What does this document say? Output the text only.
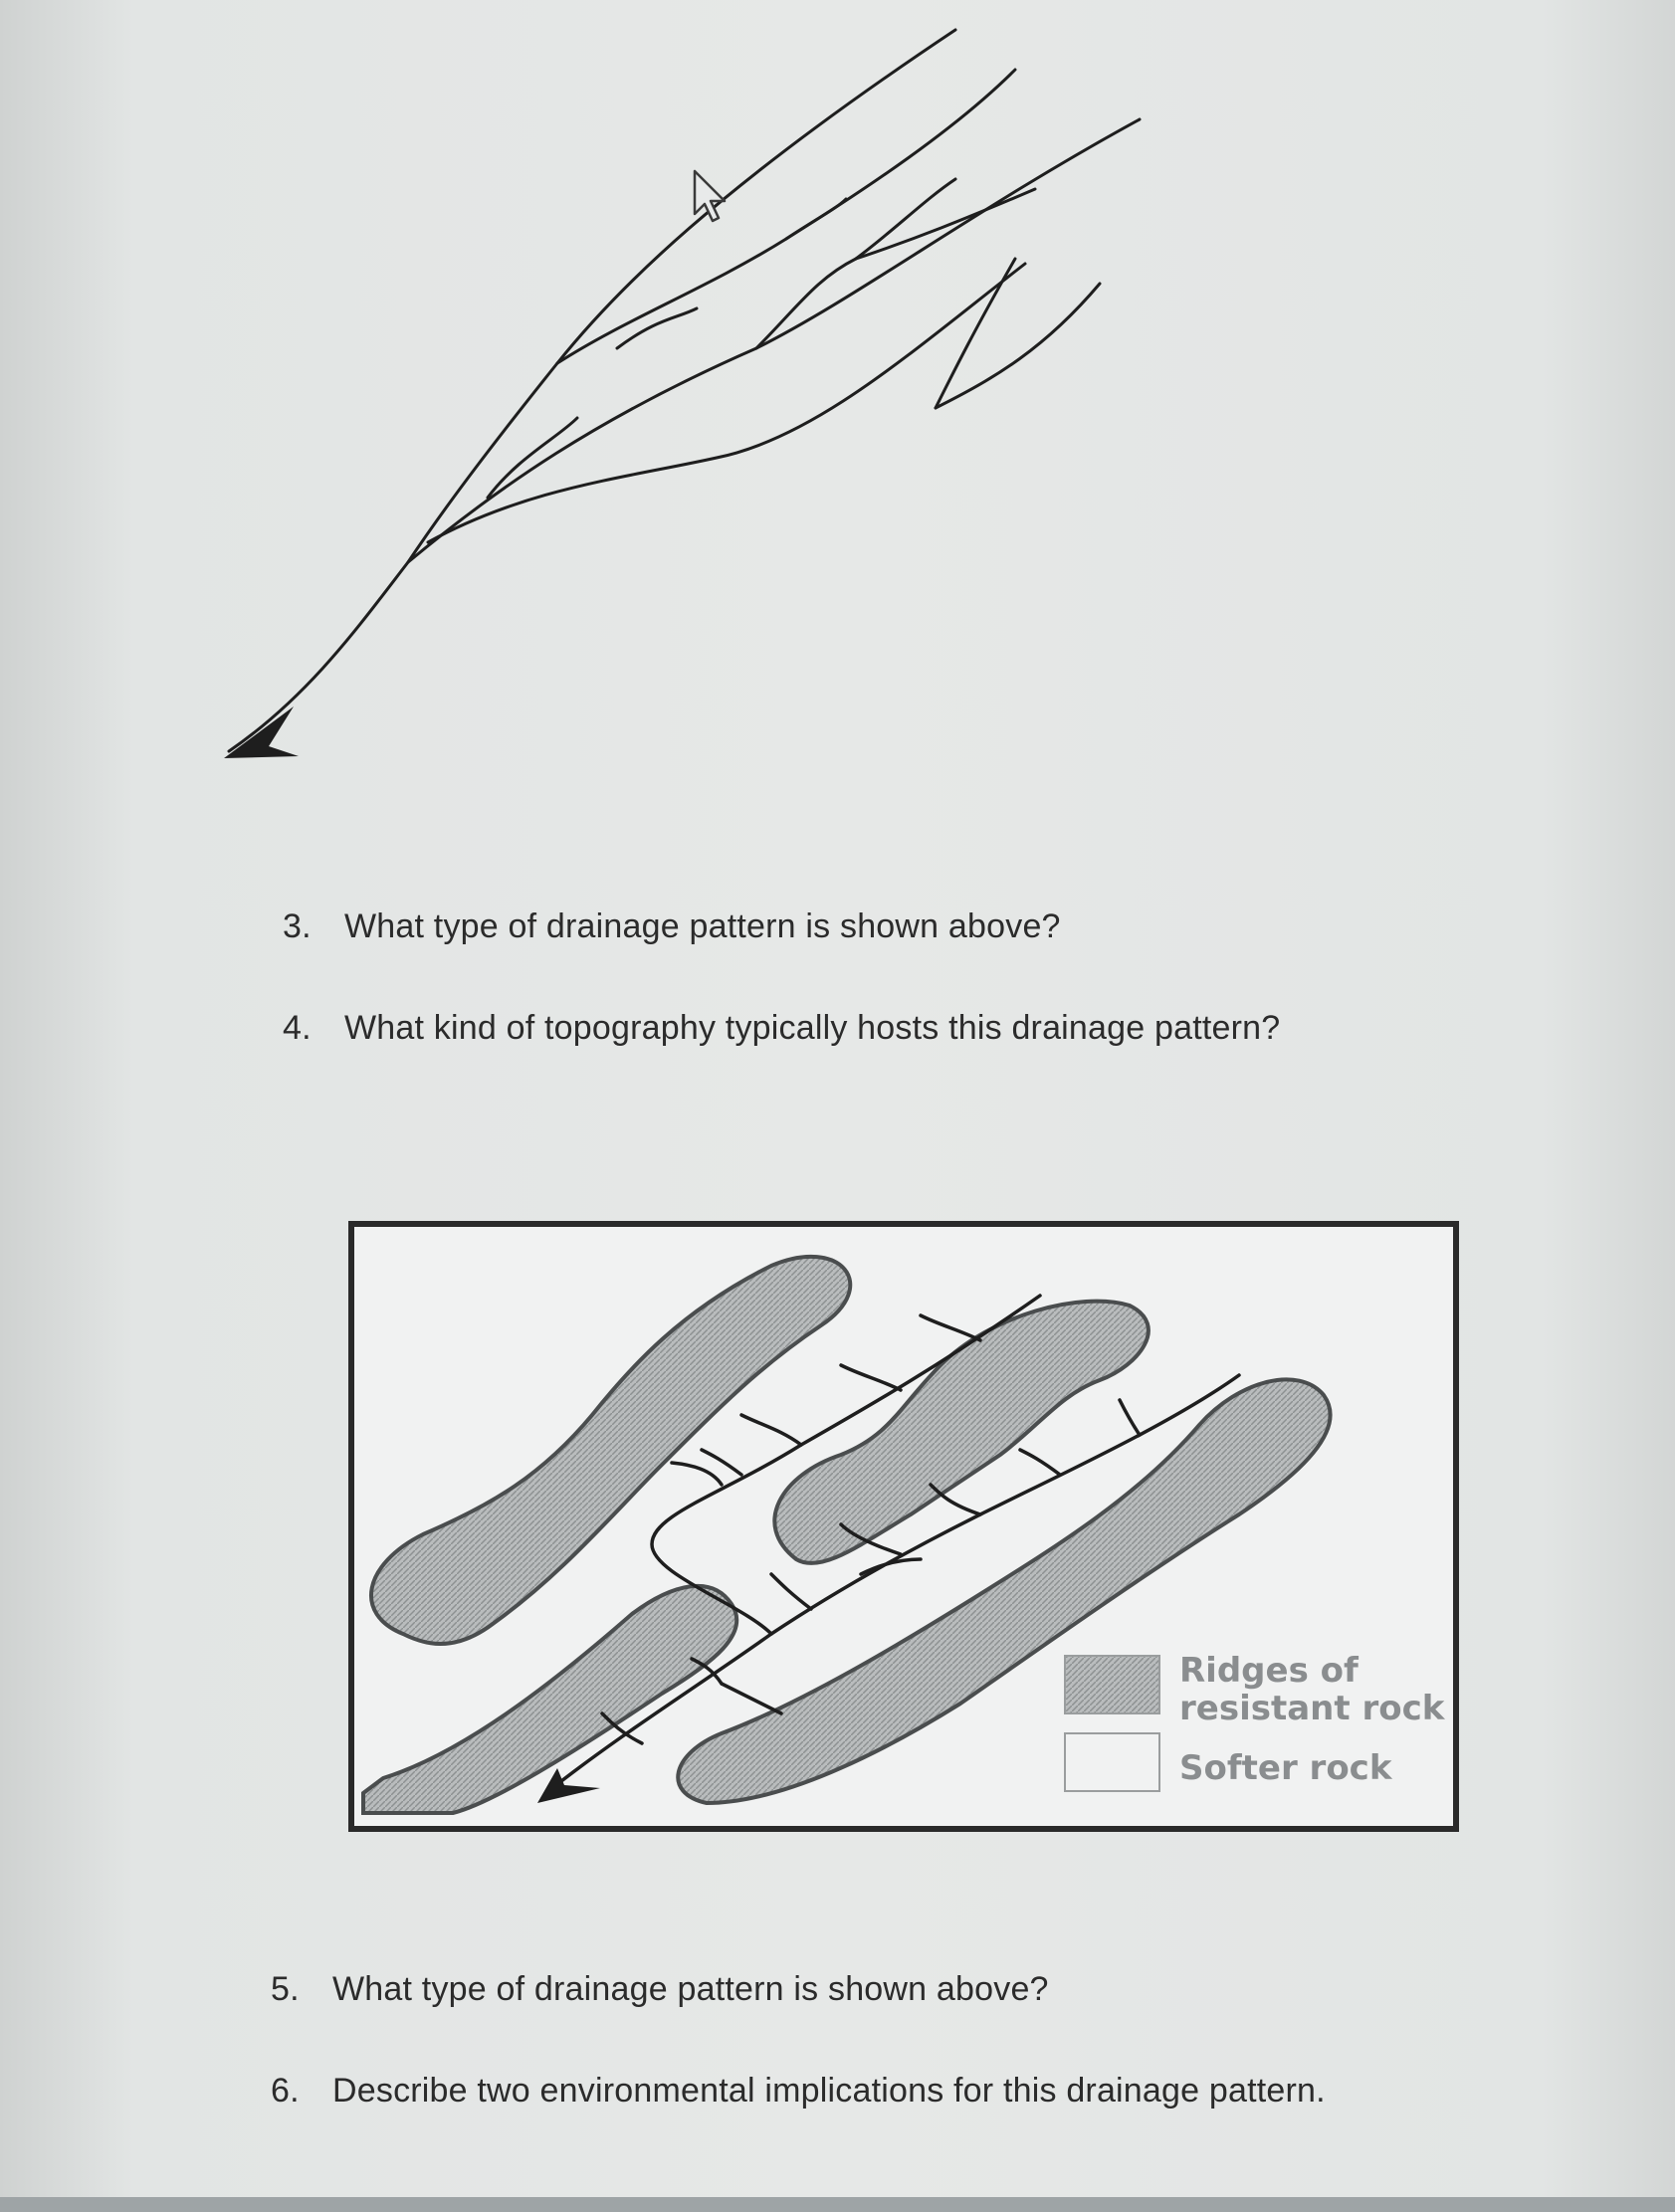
3. What type of drainage pattern is shown above?
4. What kind of topography typically hosts this drainage pattern?
Ridges of
resistant rock
Softer rock
5. What type of drainage pattern is shown above?
6. Describe two environmental implications for this drainage pattern.
